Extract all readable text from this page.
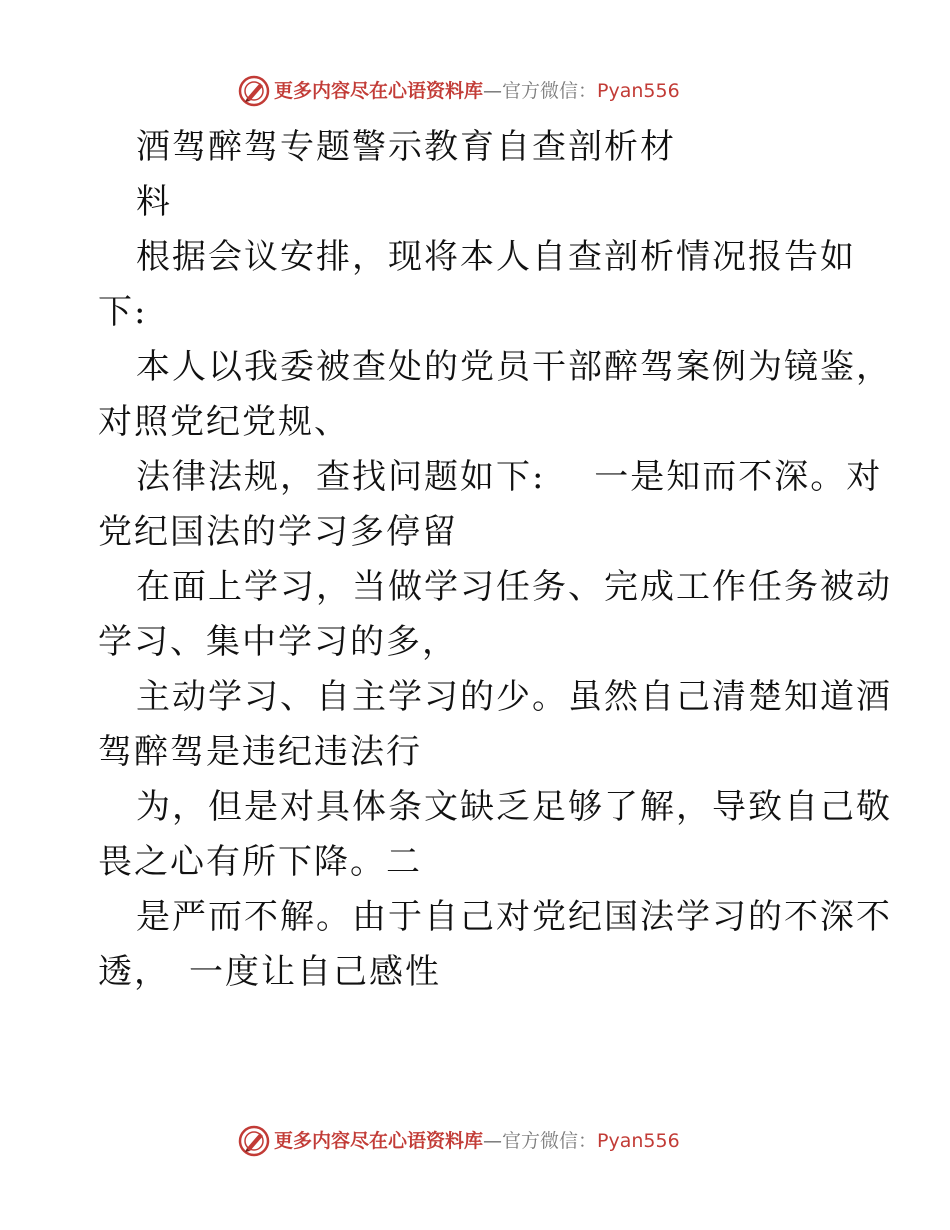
更多内容尽在心语资料库—官方微信：Pyan556
酒驾醉驾专题警示教育自查剖析材
料
根据会议安排，现将本人自查剖析情况报告如
下:
本人以我委被查处的党员干部醉驾案例为镜鉴，
对照党纪党规、
法律法规，查找问题如下:　 一是知而不深。对
党纪国法的学习多停留
在面上学习，当做学习任务、完成工作任务被动
学习、集中学习的多，
主动学习、自主学习的少。虽然自己清楚知道酒
驾醉驾是违纪违法行
为，但是对具体条文缺乏足够了解，导致自己敬
畏之心有所下降。二
是严而不解。由于自己对党纪国法学习的不深不
透，　一度让自己感性
更多内容尽在心语资料库—官方微信：Pyan556
